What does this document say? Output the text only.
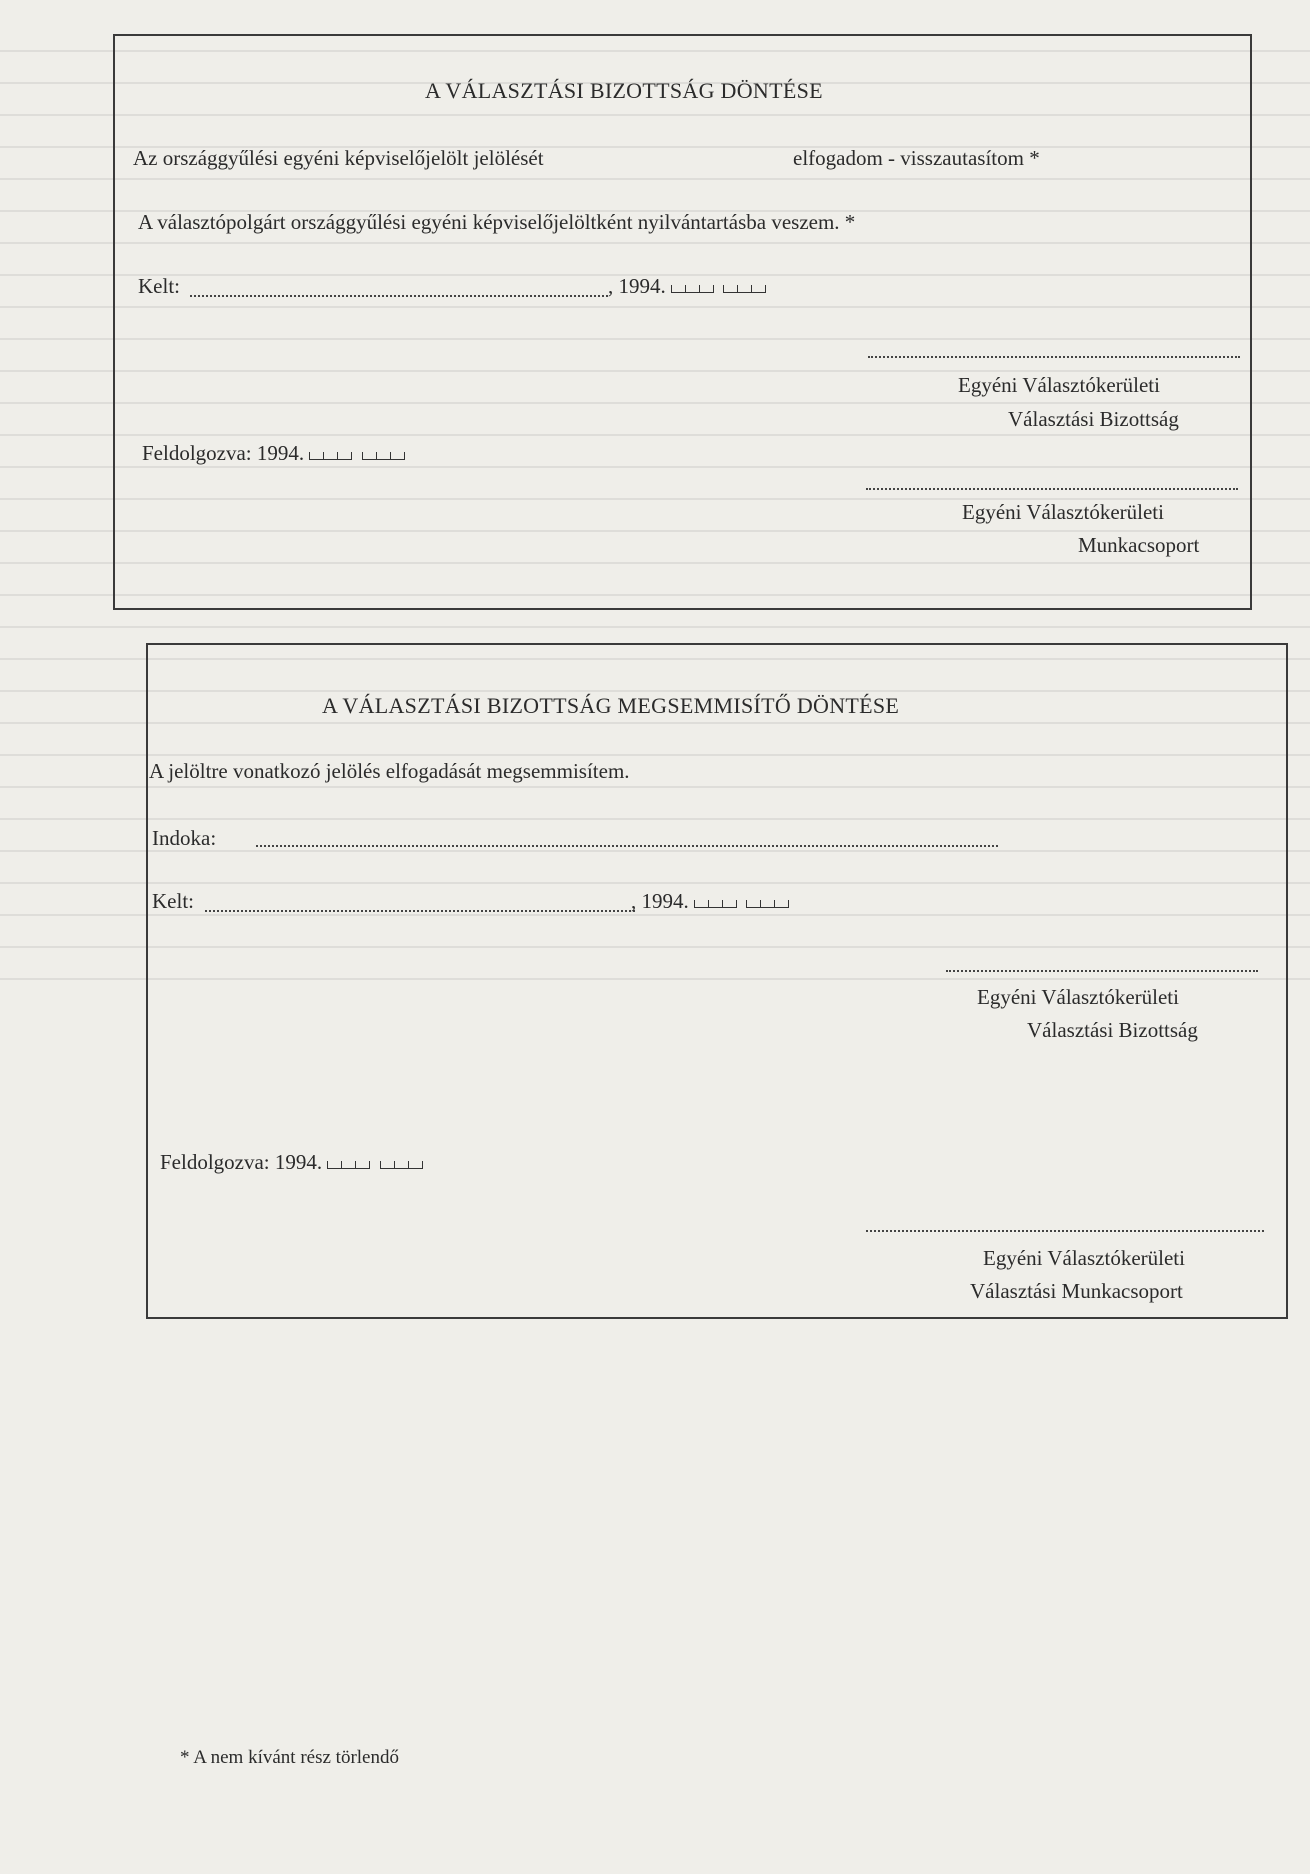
A VÁLASZTÁSI BIZOTTSÁG DÖNTÉSE
Az országgyűlési egyéni képviselőjelölt jelölését	elfogadom - visszautasítom *
A választópolgárt országgyűlési egyéni képviselőjelöltként nyilvántartásba veszem. *
Kelt:	, 1994.
Egyéni Választókerületi
Választási Bizottság
Feldolgozva: 1994.
Egyéni Választókerületi
Munkacsoport
A VÁLASZTÁSI BIZOTTSÁG MEGSEMMISÍTŐ DÖNTÉSE
A jelöltre vonatkozó jelölés elfogadását megsemmisítem.
Indoka:
Kelt:	, 1994.
Egyéni Választókerületi
Választási Bizottság
Feldolgozva: 1994.
Egyéni Választókerületi
Választási Munkacsoport
* A nem kívánt rész törlendő
